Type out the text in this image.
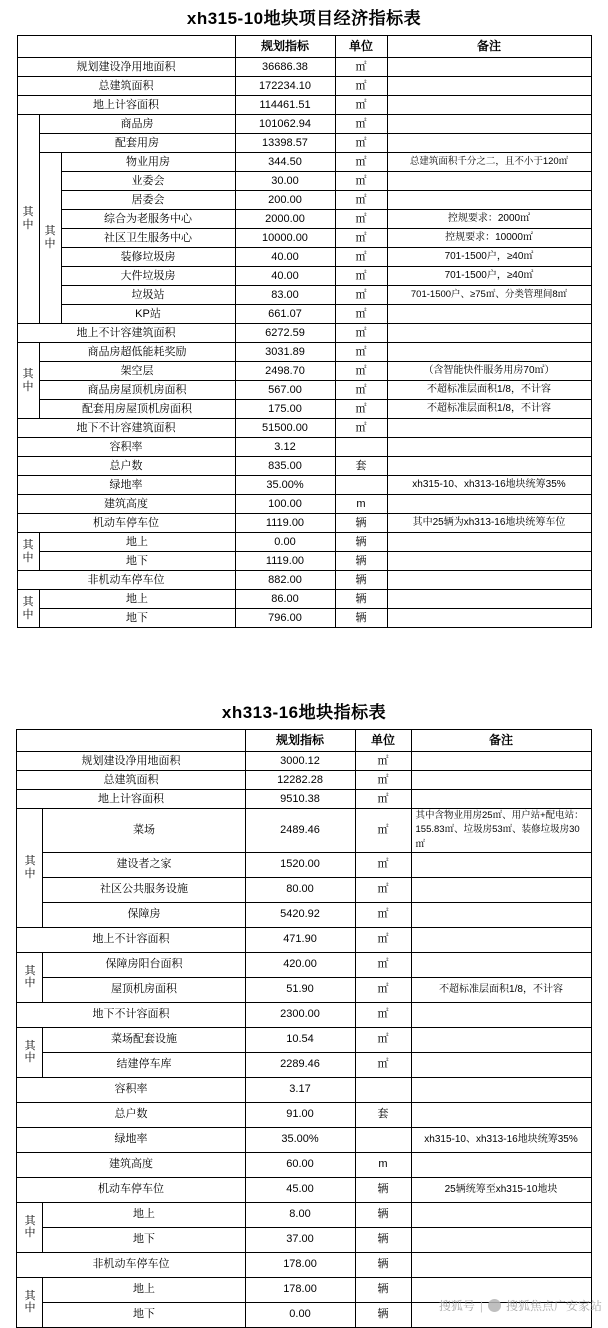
xh315-10地块项目经济指标表
			规划指标	单位	备注
规划建设净用地面积			36686.38	㎡	
总建筑面积			172234.10	㎡	
地上计容面积			114461.51	㎡	
其中	商品房		101062.94	㎡	
	配套用房		13398.57	㎡	
	其中	物业用房	344.50	㎡	总建筑面积千分之二，且不小于120㎡
		业委会	30.00	㎡	
		居委会	200.00	㎡	
		综合为老服务中心	2000.00	㎡	控规要求：2000㎡
		社区卫生服务中心	10000.00	㎡	控规要求：10000㎡
		装修垃圾房	40.00	㎡	701-1500户，≥40㎡
		大件垃圾房	40.00	㎡	701-1500户，≥40㎡
		垃圾站	83.00	㎡	701-1500户、≥75㎡、分类管理间8㎡
		KP站	661.07	㎡	
地上不计容建筑面积			6272.59	㎡	
其中	商品房超低能耗奖励		3031.89	㎡	
	架空层		2498.70	㎡	（含智能快件服务用房70㎡）
	商品房屋顶机房面积		567.00	㎡	不超标准层面积1/8，不计容
	配套用房屋顶机房面积		175.00	㎡	不超标准层面积1/8，不计容
地下不计容建筑面积			51500.00	㎡	
容积率			3.12		
总户数			835.00	套	
绿地率			35.00%		xh315-10、xh313-16地块统筹35%
建筑高度			100.00	m	
机动车停车位			1119.00	辆	其中25辆为xh313-16地块统筹车位
其中	地上		0.00	辆	
	地下		1119.00	辆	
非机动车停车位			882.00	辆	
其中	地上		86.00	辆	
	地下		796.00	辆	
xh313-16地块指标表
		规划指标	单位	备注
规划建设净用地面积		3000.12	㎡	
总建筑面积		12282.28	㎡	
地上计容面积		9510.38	㎡	
其中	菜场	2489.46	㎡	其中含物业用房25㎡、用户站+配电站：155.83㎡、垃圾房53㎡、装修垃圾房30㎡
	建设者之家	1520.00	㎡	
	社区公共服务设施	80.00	㎡	
	保障房	5420.92	㎡	
地上不计容面积		471.90	㎡	
其中	保障房阳台面积	420.00	㎡	
	屋顶机房面积	51.90	㎡	不超标准层面积1/8，不计容
地下不计容面积		2300.00	㎡	
其中	菜场配套设施	10.54	㎡	
	结建停车库	2289.46	㎡	
容积率		3.17		
总户数		91.00	套	
绿地率		35.00%		xh315-10、xh313-16地块统筹35%
建筑高度		60.00	m	
机动车停车位		45.00	辆	25辆统筹至xh315-10地块
其中	地上	8.00	辆	
	地下	37.00	辆	
非机动车停车位		178.00	辆	
其中	地上	178.00	辆	
	地下	0.00	辆	
搜狐号 | 搜狐焦点广安家站
